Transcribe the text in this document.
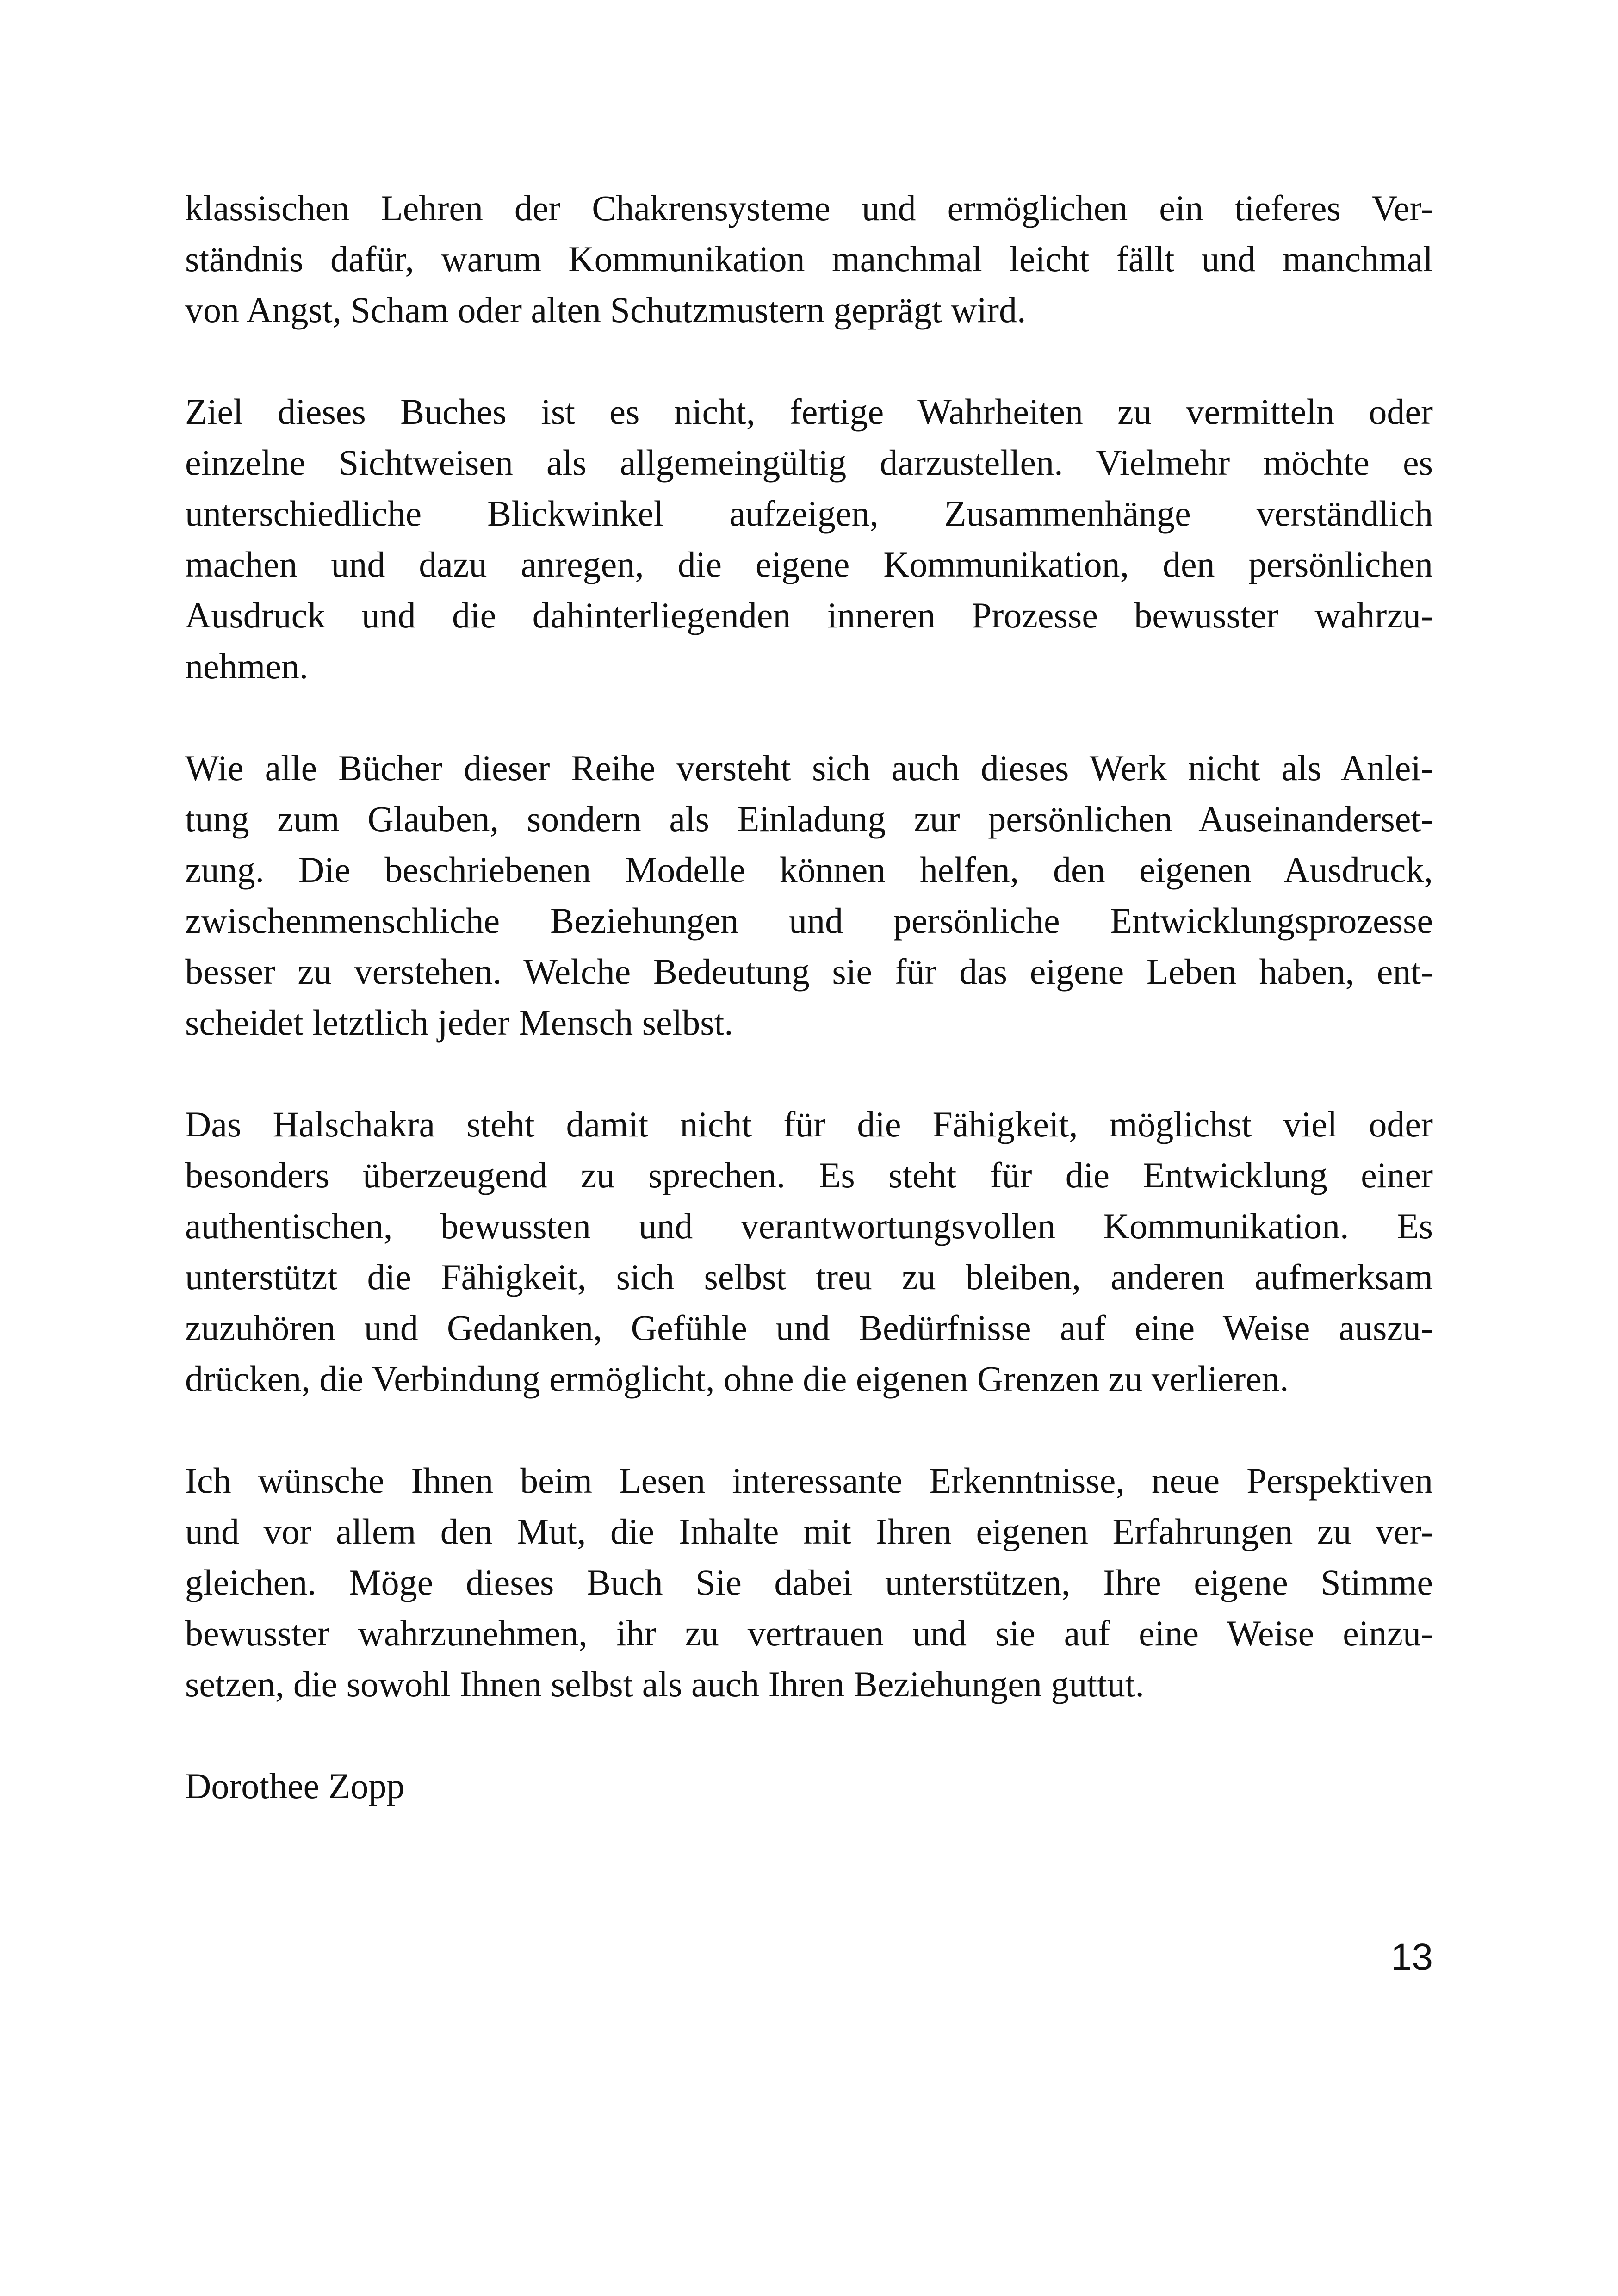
klassischen Lehren der Chakrensysteme und ermöglichen ein tieferes Ver-
ständnis dafür, warum Kommunikation manchmal leicht fällt und manchmal
von Angst, Scham oder alten Schutzmustern geprägt wird.
Ziel dieses Buches ist es nicht, fertige Wahrheiten zu vermitteln oder
einzelne Sichtweisen als allgemeingültig darzustellen. Vielmehr möchte es
unterschiedliche Blickwinkel aufzeigen, Zusammenhänge verständlich
machen und dazu anregen, die eigene Kommunikation, den persönlichen
Ausdruck und die dahinterliegenden inneren Prozesse bewusster wahrzu-
nehmen.
Wie alle Bücher dieser Reihe versteht sich auch dieses Werk nicht als Anlei-
tung zum Glauben, sondern als Einladung zur persönlichen Auseinanderset-
zung. Die beschriebenen Modelle können helfen, den eigenen Ausdruck,
zwischenmenschliche Beziehungen und persönliche Entwicklungsprozesse
besser zu verstehen. Welche Bedeutung sie für das eigene Leben haben, ent-
scheidet letztlich jeder Mensch selbst.
Das Halschakra steht damit nicht für die Fähigkeit, möglichst viel oder
besonders überzeugend zu sprechen. Es steht für die Entwicklung einer
authentischen, bewussten und verantwortungsvollen Kommunikation. Es
unterstützt die Fähigkeit, sich selbst treu zu bleiben, anderen aufmerksam
zuzuhören und Gedanken, Gefühle und Bedürfnisse auf eine Weise auszu-
drücken, die Verbindung ermöglicht, ohne die eigenen Grenzen zu verlieren.
Ich wünsche Ihnen beim Lesen interessante Erkenntnisse, neue Perspektiven
und vor allem den Mut, die Inhalte mit Ihren eigenen Erfahrungen zu ver-
gleichen. Möge dieses Buch Sie dabei unterstützen, Ihre eigene Stimme
bewusster wahrzunehmen, ihr zu vertrauen und sie auf eine Weise einzu-
setzen, die sowohl Ihnen selbst als auch Ihren Beziehungen guttut.
Dorothee Zopp
13
